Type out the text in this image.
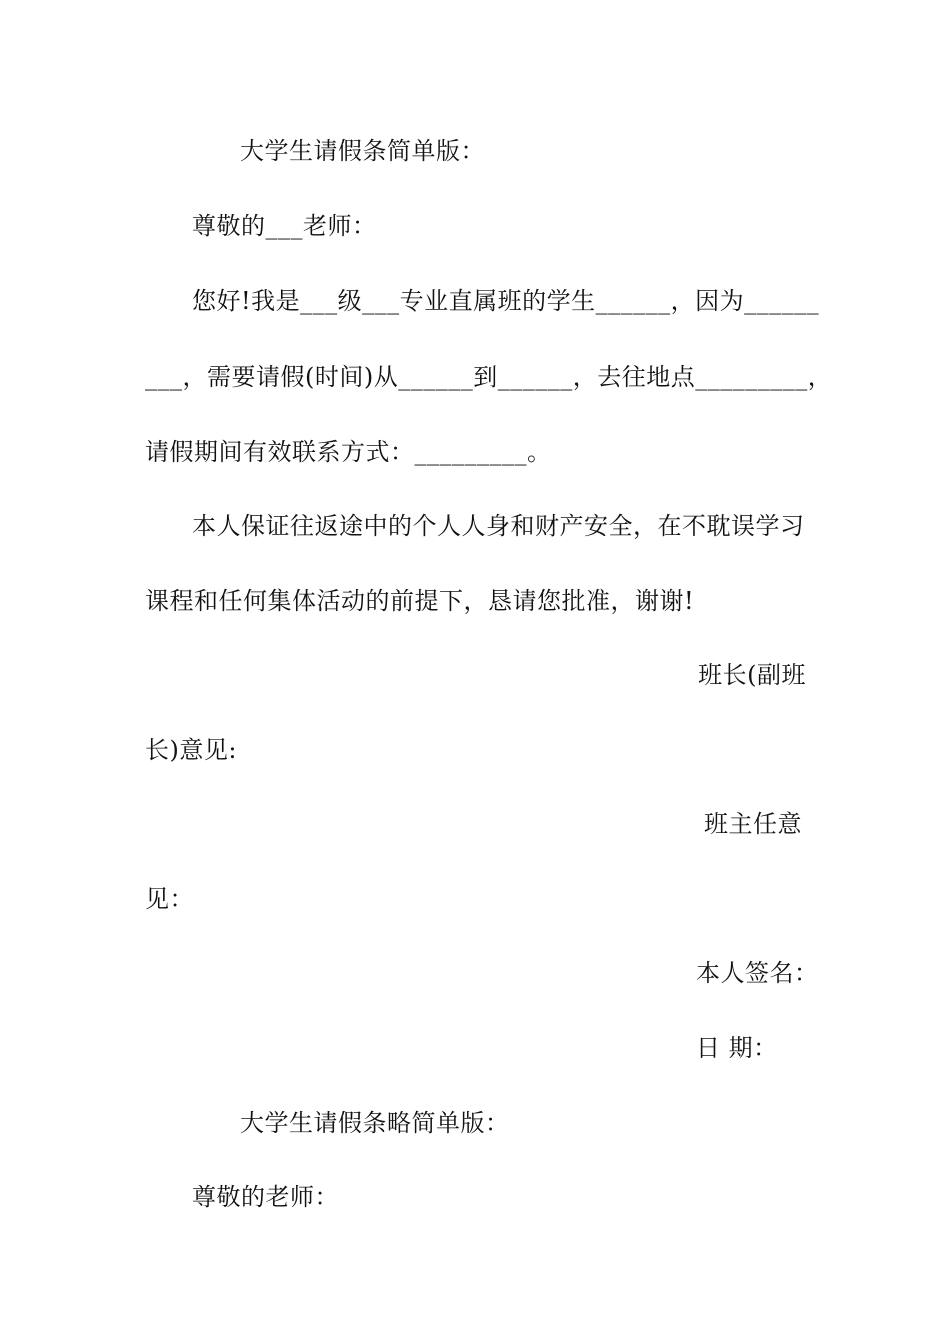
大学生请假条简单版：
尊敬的___老师：
您好!我是___级___专业直属班的学生______，因为______
___，需要请假(时间)从______到______，去往地点_________，
请假期间有效联系方式：_________。
本人保证往返途中的个人人身和财产安全，在不耽误学习
课程和任何集体活动的前提下，恳请您批准，谢谢!
班长(副班
长)意见:
班主任意
见：
本人签名：
日 期：
大学生请假条略简单版：
尊敬的老师：
